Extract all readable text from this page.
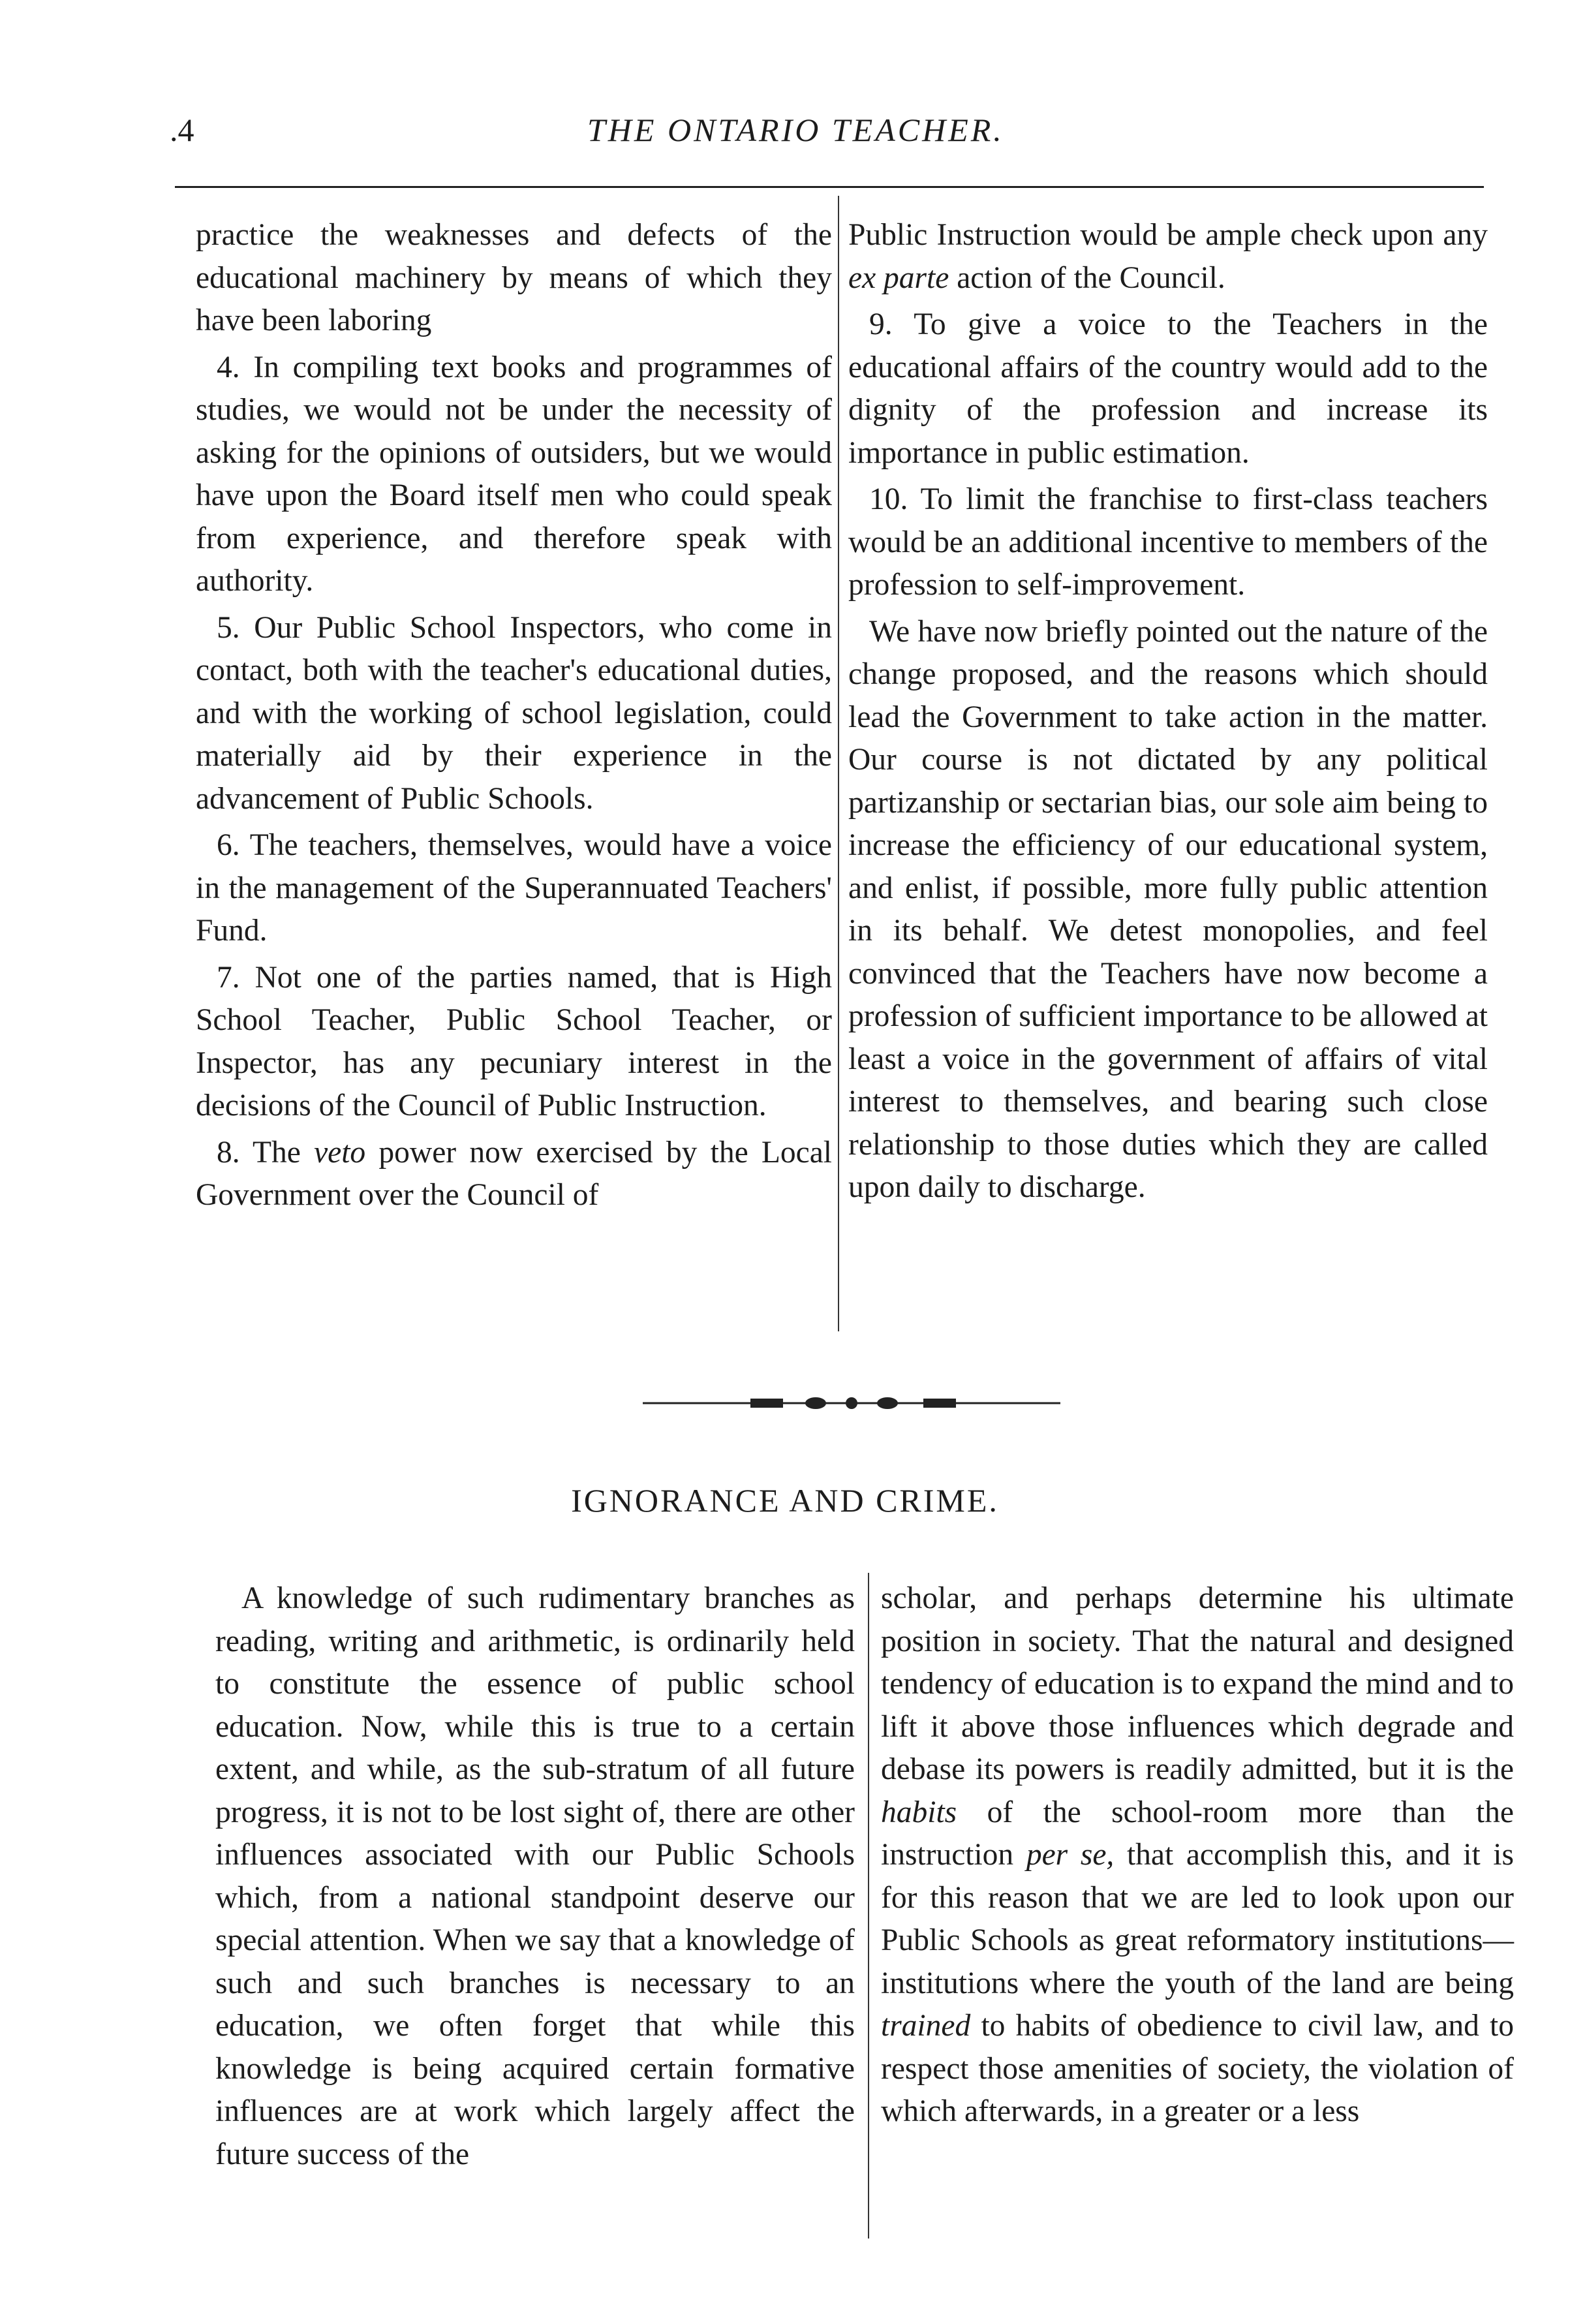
.4	THE ONTARIO TEACHER.

practice the weaknesses and defects of the educational machinery by means of which they have been laboring

4. In compiling text books and programmes of studies, we would not be under the necessity of asking for the opinions of outsiders, but we would have upon the Board itself men who could speak from experience, and therefore speak with authority.

5. Our Public School Inspectors, who come in contact, both with the teacher's educational duties, and with the working of school legislation, could materially aid by their experience in the advancement of Public Schools.

6. The teachers, themselves, would have a voice in the management of the Superannuated Teachers' Fund.

7. Not one of the parties named, that is High School Teacher, Public School Teacher, or Inspector, has any pecuniary interest in the decisions of the Council of Public Instruction.

8. The veto power now exercised by the Local Government over the Council of

Public Instruction would be ample check upon any ex parte action of the Council.

9. To give a voice to the Teachers in the educational affairs of the country would add to the dignity of the profession and increase its importance in public estimation.

10. To limit the franchise to first-class teachers would be an additional incentive to members of the profession to self-improvement.

We have now briefly pointed out the nature of the change proposed, and the reasons which should lead the Government to take action in the matter. Our course is not dictated by any political partizanship or sectarian bias, our sole aim being to increase the efficiency of our educational system, and enlist, if possible, more fully public attention in its behalf. We detest monopolies, and feel convinced that the Teachers have now become a profession of sufficient importance to be allowed at least a voice in the government of affairs of vital interest to themselves, and bearing such close relationship to those duties which they are called upon daily to discharge.

IGNORANCE AND CRIME.

A knowledge of such rudimentary branches as reading, writing and arithmetic, is ordinarily held to constitute the essence of public school education. Now, while this is true to a certain extent, and while, as the sub-stratum of all future progress, it is not to be lost sight of, there are other influences associated with our Public Schools which, from a national standpoint deserve our special attention. When we say that a knowledge of such and such branches is necessary to an education, we often forget that while this knowledge is being acquired certain formative influences are at work which largely affect the future success of the

scholar, and perhaps determine his ultimate position in society. That the natural and designed tendency of education is to expand the mind and to lift it above those influences which degrade and debase its powers is readily admitted, but it is the habits of the school-room more than the instruction per se, that accomplish this, and it is for this reason that we are led to look upon our Public Schools as great reformatory institutions—institutions where the youth of the land are being trained to habits of obedience to civil law, and to respect those amenities of society, the violation of which afterwards, in a greater or a less
